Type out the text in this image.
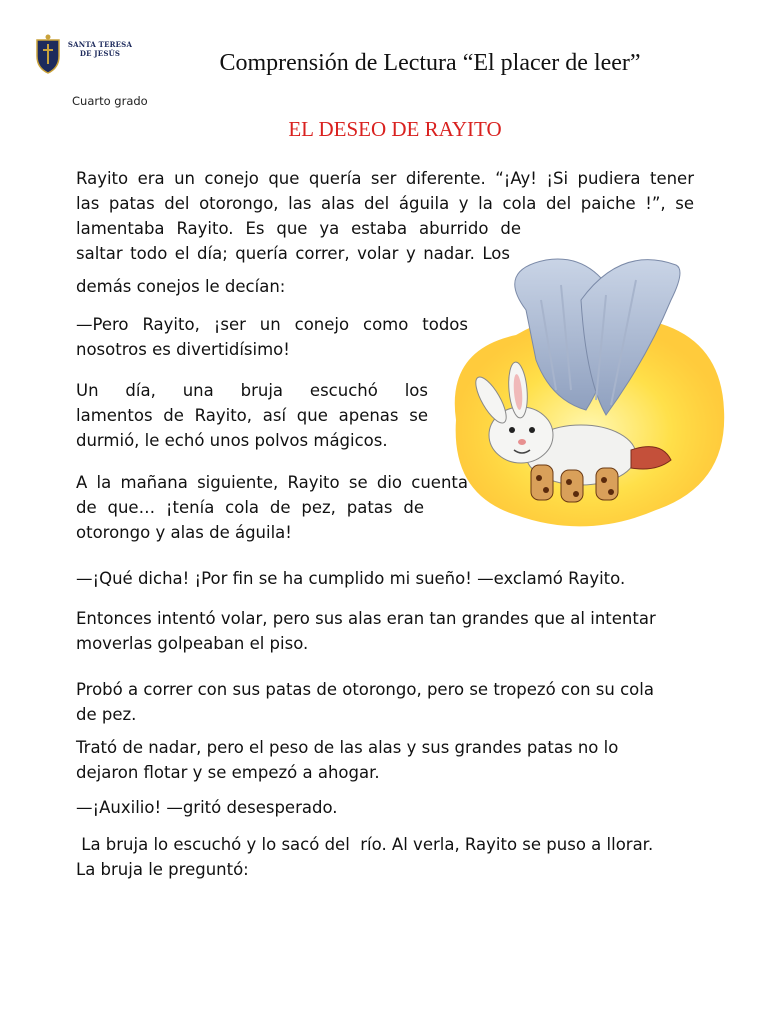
SANTA TERESA DE JESÚS	Comprensión de Lectura “El placer de leer”
Cuarto grado
EL DESEO DE RAYITO
Rayito era un conejo que quería ser diferente. “¡Ay! ¡Si pudiera tener
las patas del otorongo, las alas del águila y la cola del paiche !”, se
lamentaba Rayito. Es que ya estaba aburrido de
saltar todo el día; quería correr, volar y nadar. Los
demás conejos le decían:
—Pero Rayito, ¡ser un conejo como todos
nosotros es divertidísimo!
Un día, una bruja escuchó los
lamentos de Rayito, así que apenas se
durmió, le echó unos polvos mágicos.
A la mañana siguiente, Rayito se dio cuenta
de que… ¡tenía cola de pez, patas de
otorongo y alas de águila!
—¡Qué dicha! ¡Por fin se ha cumplido mi sueño! —exclamó Rayito.
Entonces intentó volar, pero sus alas eran tan grandes que al intentar
moverlas golpeaban el piso.
Probó a correr con sus patas de otorongo, pero se tropezó con su cola
de pez.
Trató de nadar, pero el peso de las alas y sus grandes patas no lo
dejaron flotar y se empezó a ahogar.
—¡Auxilio! —gritó desesperado.
La bruja lo escuchó y lo sacó del  río. Al verla, Rayito se puso a llorar.
La bruja le preguntó:
